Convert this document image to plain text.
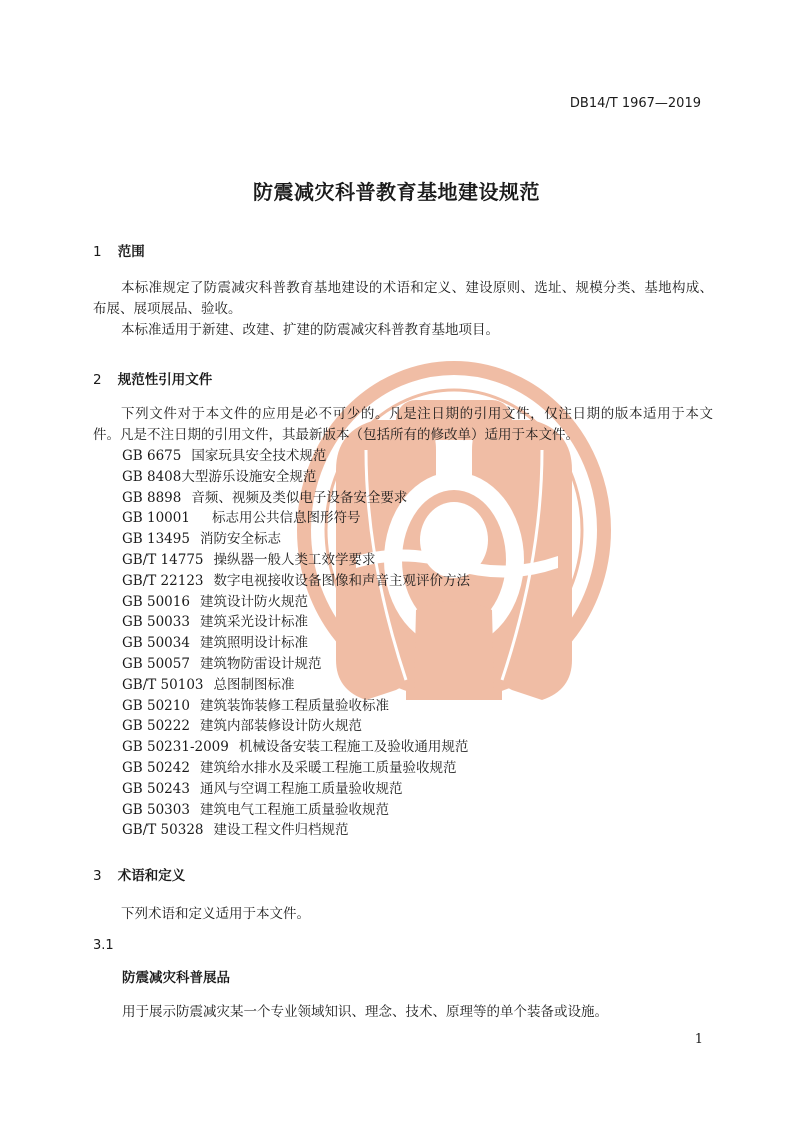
DB14/T 1967—2019
防震减灾科普教育基地建设规范
1 范围

本标准规定了防震减灾科普教育基地建设的术语和定义、建设原则、选址、规模分类、基地构成、布展、展项展品、验收。

本标准适用于新建、改建、扩建的防震减灾科普教育基地项目。

2 规范性引用文件

下列文件对于本文件的应用是必不可少的。凡是注日期的引用文件，仅注日期的版本适用于本文件。凡是不注日期的引用文件，其最新版本（包括所有的修改单）适用于本文件。

GB 6675 国家玩具安全技术规范
GB 8408大型游乐设施安全规范
GB 8898 音频、视频及类似电子设备安全要求
GB 10001 标志用公共信息图形符号
GB 13495 消防安全标志
GB/T 14775 操纵器一般人类工效学要求
GB/T 22123 数字电视接收设备图像和声音主观评价方法
GB 50016 建筑设计防火规范
GB 50033 建筑采光设计标准
GB 50034 建筑照明设计标准
GB 50057 建筑物防雷设计规范
GB/T 50103 总图制图标准
GB 50210 建筑装饰装修工程质量验收标准
GB 50222 建筑内部装修设计防火规范
GB 50231-2009 机械设备安装工程施工及验收通用规范
GB 50242 建筑给水排水及采暖工程施工质量验收规范
GB 50243 通风与空调工程施工质量验收规范
GB 50303 建筑电气工程施工质量验收规范
GB/T 50328 建设工程文件归档规范
3 术语和定义

下列术语和定义适用于本文件。

3.1
防震减灾科普展品
用于展示防震减灾某一个专业领域知识、理念、技术、原理等的单个装备或设施。
1
